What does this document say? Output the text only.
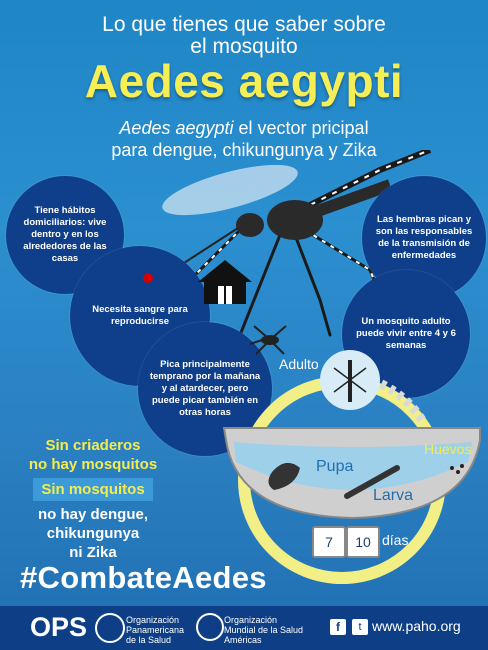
Lo que tienes que saber sobre
el mosquito
Aedes aegypti
Aedes aegypti el vector pricipal
para dengue, chikungunya y Zika
Tiene hábitos domiciliarios: vive dentro y en los alrededores de las casas
Las hembras pican y son las responsables de la transmisión de enfermedades
Necesita sangre para reproducirse	Un mosquito adulto puede vivir entre 4 y 6 semanas
Pica principalmente temprano por la mañana y al atardecer, pero puede picar también en otras horas
Adulto
Huevos
Pupa
Larva
7	10 días
Sin criaderos
no hay mosquitos
Sin mosquitos
no hay dengue,
chikungunya
ni Zika
#CombateAedes
OPS	Organización
Panamericana
de la Salud
Organización
Mundial de la Salud
Américas
f	t www.paho.org
